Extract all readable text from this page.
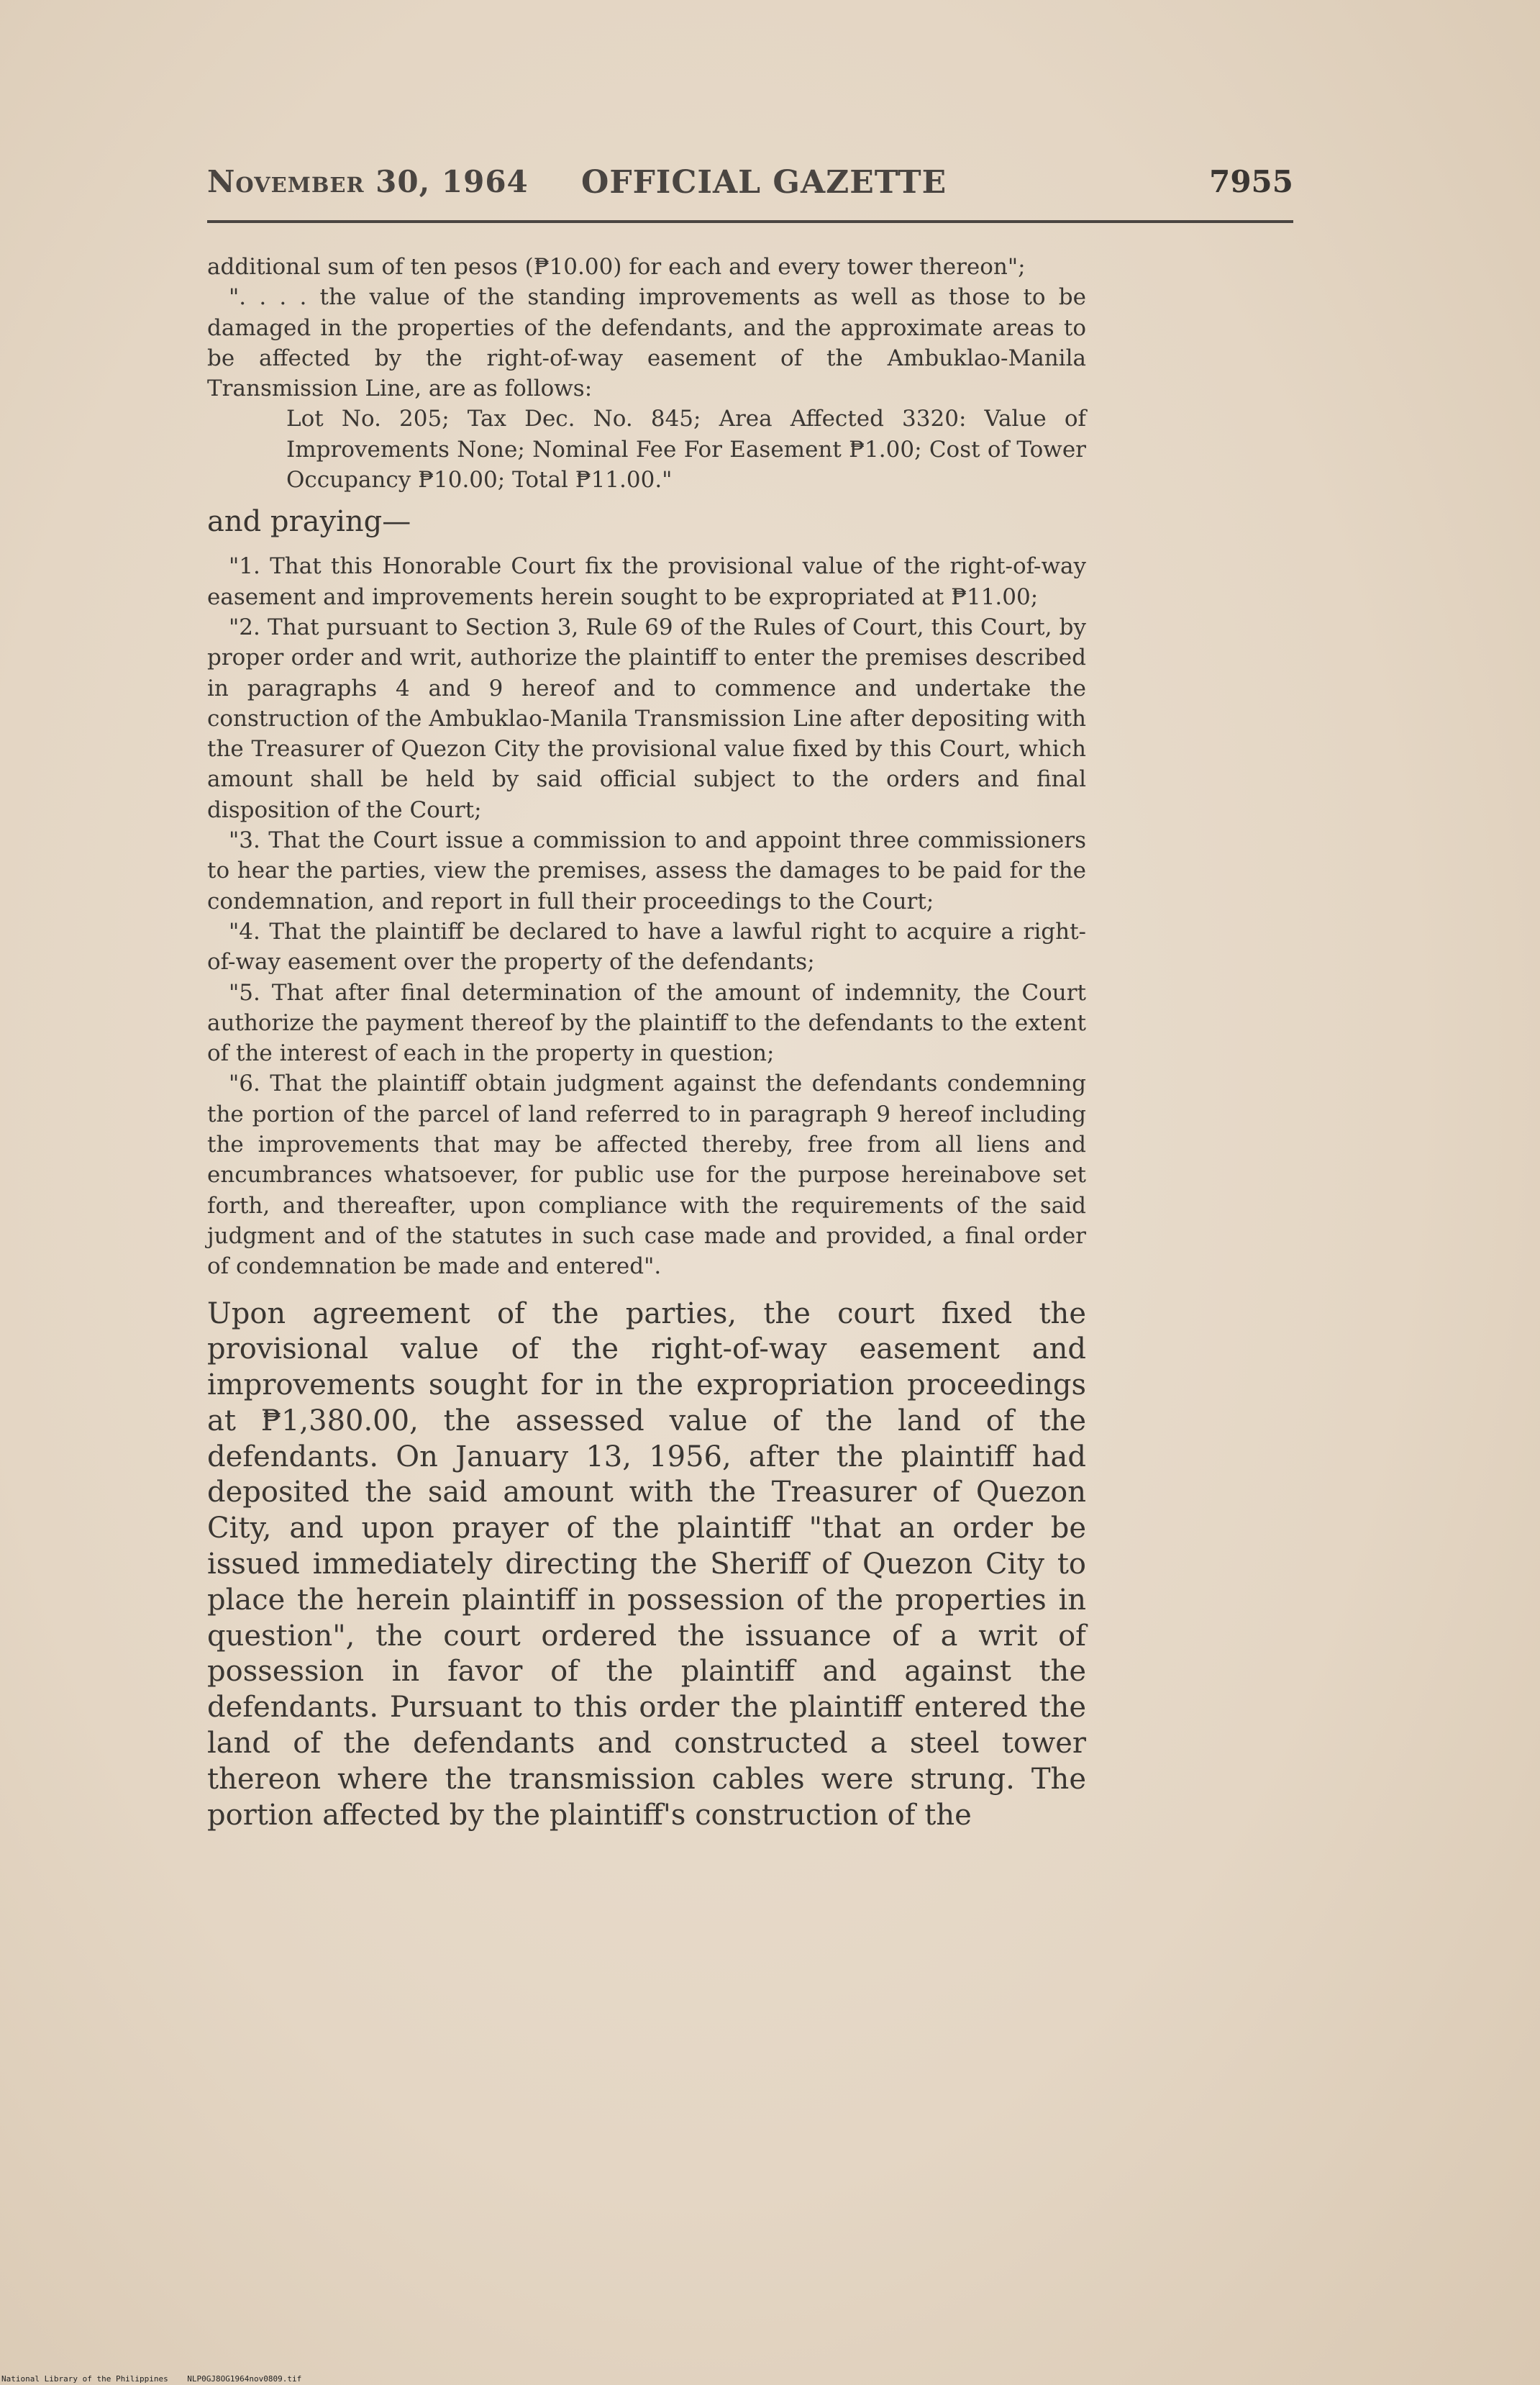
November 30, 1964 OFFICIAL GAZETTE	7955

additional sum of ten pesos (₱10.00) for each and every tower thereon";

". . . . the value of the standing improvements as well as those to be damaged in the properties of the defendants, and the approximate areas to be affected by the right-of-way easement of the Ambuklao-Manila Transmission Line, are as follows:

Lot No. 205; Tax Dec. No. 845; Area Affected 3320: Value of Improvements None; Nominal Fee For Easement ₱1.00; Cost of Tower Occupancy ₱10.00; Total ₱11.00."

and praying—

"1. That this Honorable Court fix the provisional value of the right-of-way easement and improvements herein sought to be expropriated at ₱11.00;

"2. That pursuant to Section 3, Rule 69 of the Rules of Court, this Court, by proper order and writ, authorize the plaintiff to enter the premises described in paragraphs 4 and 9 hereof and to commence and undertake the construction of the Ambuklao-Manila Transmission Line after depositing with the Treasurer of Quezon City the provisional value fixed by this Court, which amount shall be held by said official subject to the orders and final disposition of the Court;

"3. That the Court issue a commission to and appoint three commissioners to hear the parties, view the premises, assess the damages to be paid for the condemnation, and report in full their proceedings to the Court;

"4. That the plaintiff be declared to have a lawful right to acquire a right-of-way easement over the property of the defendants;

"5. That after final determination of the amount of indemnity, the Court authorize the payment thereof by the plaintiff to the defendants to the extent of the interest of each in the property in question;

"6. That the plaintiff obtain judgment against the defendants condemning the portion of the parcel of land referred to in paragraph 9 hereof including the improvements that may be affected thereby, free from all liens and encumbrances whatsoever, for public use for the purpose hereinabove set forth, and thereafter, upon compliance with the requirements of the said judgment and of the statutes in such case made and provided, a final order of condemnation be made and entered".

Upon agreement of the parties, the court fixed the provisional value of the right-of-way easement and improvements sought for in the expropriation proceedings at ₱1,380.00, the assessed value of the land of the defendants. On January 13, 1956, after the plaintiff had deposited the said amount with the Treasurer of Quezon City, and upon prayer of the plaintiff "that an order be issued immediately directing the Sheriff of Quezon City to place the herein plaintiff in possession of the properties in question", the court ordered the issuance of a writ of possession in favor of the plaintiff and against the defendants. Pursuant to this order the plaintiff entered the land of the defendants and constructed a steel tower thereon where the transmission cables were strung. The portion affected by the plaintiff's construction of the

National Library of the Philippines NLP0GJ8OG1964nov0809.tif
